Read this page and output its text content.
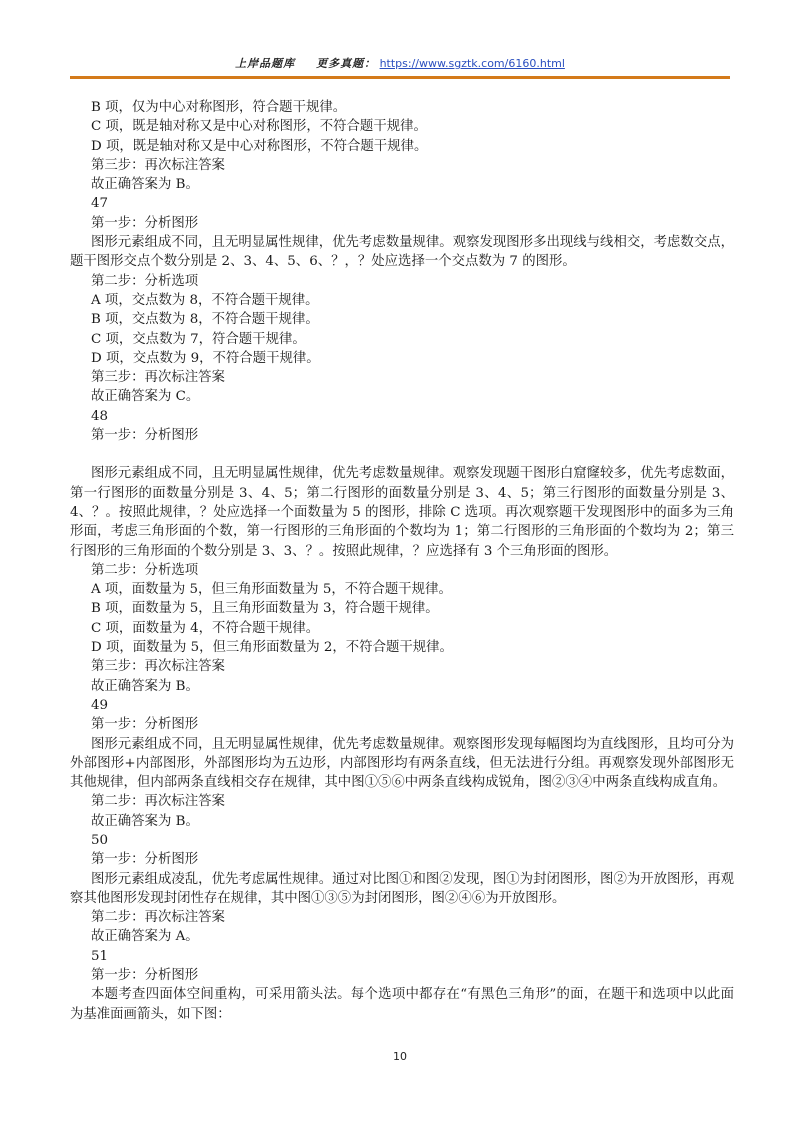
上岸品题库 更多真题： https://www.sgztk.com/6160.html

B 项，仅为中心对称图形，符合题干规律。

C 项，既是轴对称又是中心对称图形，不符合题干规律。

D 项，既是轴对称又是中心对称图形，不符合题干规律。

第三步：再次标注答案

故正确答案为 B。

47

第一步：分析图形

图形元素组成不同，且无明显属性规律，优先考虑数量规律。观察发现图形多出现线与线相交，考虑数交点，题干图形交点个数分别是 2、3、4、5、6、？，？处应选择一个交点数为 7 的图形。

第二步：分析选项

A 项，交点数为 8，不符合题干规律。

B 项，交点数为 8，不符合题干规律。

C 项，交点数为 7，符合题干规律。

D 项，交点数为 9，不符合题干规律。

第三步：再次标注答案

故正确答案为 C。

48

第一步：分析图形

图形元素组成不同，且无明显属性规律，优先考虑数量规律。观察发现题干图形白窟窿较多，优先考虑数面，第一行图形的面数量分别是 3、4、5；第二行图形的面数量分别是 3、4、5；第三行图形的面数量分别是 3、4、？。按照此规律，？处应选择一个面数量为 5 的图形，排除 C 选项。再次观察题干发现图形中的面多为三角形面，考虑三角形面的个数，第一行图形的三角形面的个数均为 1；第二行图形的三角形面的个数均为 2；第三行图形的三角形面的个数分别是 3、3、？。按照此规律，？应选择有 3 个三角形面的图形。

第二步：分析选项

A 项，面数量为 5，但三角形面数量为 5，不符合题干规律。

B 项，面数量为 5，且三角形面数量为 3，符合题干规律。

C 项，面数量为 4，不符合题干规律。

D 项，面数量为 5，但三角形面数量为 2，不符合题干规律。

第三步：再次标注答案

故正确答案为 B。

49

第一步：分析图形

图形元素组成不同，且无明显属性规律，优先考虑数量规律。观察图形发现每幅图均为直线图形，且均可分为外部图形+内部图形，外部图形均为五边形，内部图形均有两条直线，但无法进行分组。再观察发现外部图形无其他规律，但内部两条直线相交存在规律，其中图①⑤⑥中两条直线构成锐角，图②③④中两条直线构成直角。

第二步：再次标注答案

故正确答案为 B。

50

第一步：分析图形

图形元素组成凌乱，优先考虑属性规律。通过对比图①和图②发现，图①为封闭图形，图②为开放图形，再观察其他图形发现封闭性存在规律，其中图①③⑤为封闭图形，图②④⑥为开放图形。

第二步：再次标注答案

故正确答案为 A。

51

第一步：分析图形

本题考查四面体空间重构，可采用箭头法。每个选项中都存在“有黑色三角形”的面，在题干和选项中以此面为基准面画箭头，如下图：

10
